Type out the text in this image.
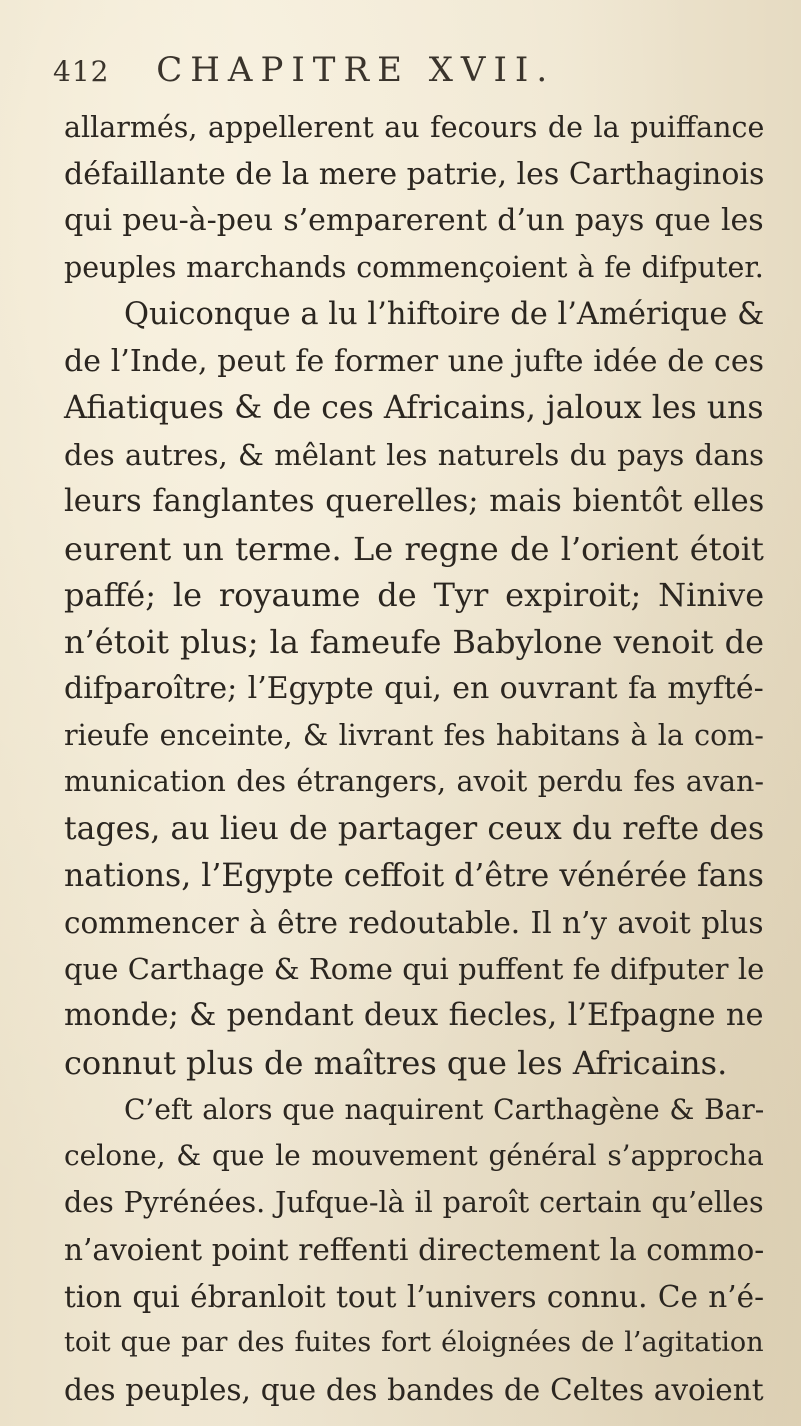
412 CHAPITRE XVII.
allarmés, appellerent au fecours de la puiffance
défaillante de la mere patrie, les Carthaginois
qui peu-à-peu s’emparerent d’un pays que les
peuples marchands commençoient à fe difputer.
Quiconque a lu l’hiftoire de l’Amérique &
de l’Inde, peut fe former une jufte idée de ces
Afiatiques & de ces Africains, jaloux les uns
des autres, & mêlant les naturels du pays dans
leurs fanglantes querelles; mais bientôt elles
eurent un terme. Le regne de l’orient étoit
paffé; le royaume de Tyr expiroit; Ninive
n’étoit plus; la fameufe Babylone venoit de
difparoître; l’Egypte qui, en ouvrant fa myfté-
rieufe enceinte, & livrant fes habitans à la com-
munication des étrangers, avoit perdu fes avan-
tages, au lieu de partager ceux du refte des
nations, l’Egypte ceffoit d’être vénérée fans
commencer à être redoutable. Il n’y avoit plus
que Carthage & Rome qui puffent fe difputer le
monde; & pendant deux fiecles, l’Efpagne ne
connut plus de maîtres que les Africains.
C’eft alors que naquirent Carthagène & Bar-
celone, & que le mouvement général s’approcha
des Pyrénées. Jufque-là il paroît certain qu’elles
n’avoient point reffenti directement la commo-
tion qui ébranloit tout l’univers connu. Ce n’é-
toit que par des fuites fort éloignées de l’agitation
des peuples, que des bandes de Celtes avoient
